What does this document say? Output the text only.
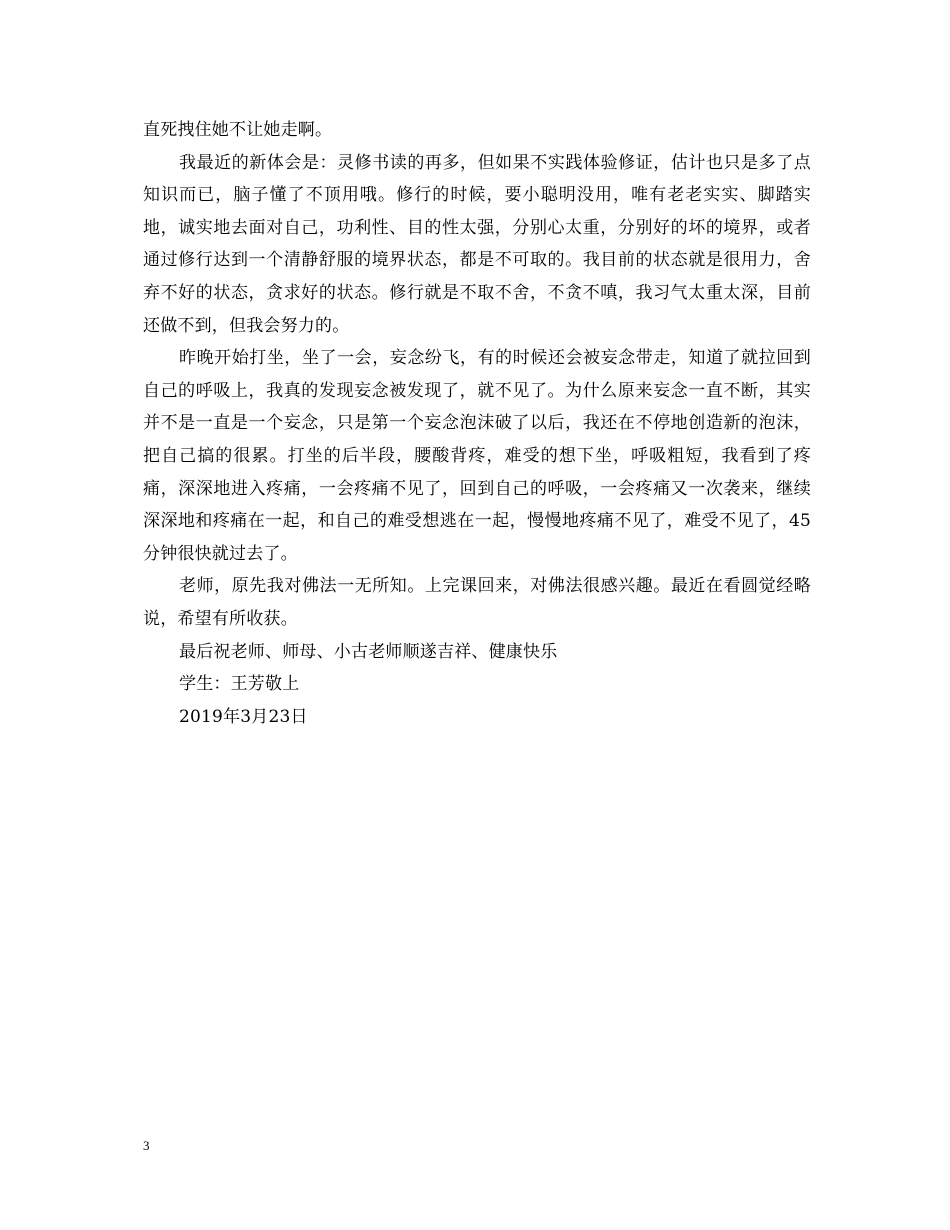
直死拽住她不让她走啊。

我最近的新体会是：灵修书读的再多，但如果不实践体验修证，估计也只是多了点知识而已，脑子懂了不顶用哦。修行的时候，要小聪明没用，唯有老老实实、脚踏实地，诚实地去面对自己，功利性、目的性太强，分别心太重，分别好的坏的境界，或者通过修行达到一个清静舒服的境界状态，都是不可取的。我目前的状态就是很用力，舍弃不好的状态，贪求好的状态。修行就是不取不舍，不贪不嗔，我习气太重太深，目前还做不到，但我会努力的。

昨晚开始打坐，坐了一会，妄念纷飞，有的时候还会被妄念带走，知道了就拉回到自己的呼吸上，我真的发现妄念被发现了，就不见了。为什么原来妄念一直不断，其实并不是一直是一个妄念，只是第一个妄念泡沫破了以后，我还在不停地创造新的泡沫，把自己搞的很累。打坐的后半段，腰酸背疼，难受的想下坐，呼吸粗短，我看到了疼痛，深深地进入疼痛，一会疼痛不见了，回到自己的呼吸，一会疼痛又一次袭来，继续深深地和疼痛在一起，和自己的难受想逃在一起，慢慢地疼痛不见了，难受不见了，45分钟很快就过去了。

老师，原先我对佛法一无所知。上完课回来，对佛法很感兴趣。最近在看圆觉经略说，希望有所收获。

最后祝老师、师母、小古老师顺遂吉祥、健康快乐

学生：王芳敬上

2019年3月23日

3
